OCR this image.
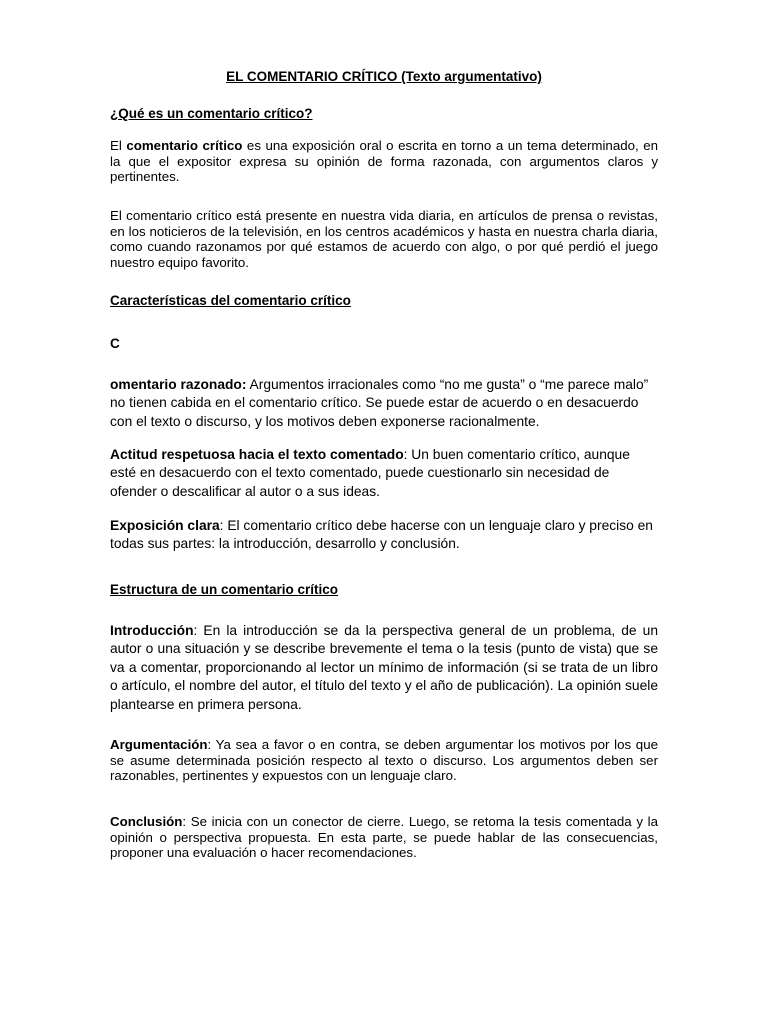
EL COMENTARIO CRÍTICO (Texto argumentativo)
¿Qué es un comentario crítico?

El comentario crítico es una exposición oral o escrita en torno a un tema determinado, en la que el expositor expresa su opinión de forma razonada, con argumentos claros y pertinentes.

El comentario crítico está presente en nuestra vida diaria, en artículos de prensa o revistas, en los noticieros de la televisión, en los centros académicos y hasta en nuestra charla diaria, como cuando razonamos por qué estamos de acuerdo con algo, o por qué perdió el juego nuestro equipo favorito.

Características del comentario crítico
C

omentario razonado: Argumentos irracionales como “no me gusta” o “me parece malo” no tienen cabida en el comentario crítico. Se puede estar de acuerdo o en desacuerdo con el texto o discurso, y los motivos deben exponerse racionalmente.

Actitud respetuosa hacia el texto comentado: Un buen comentario crítico, aunque esté en desacuerdo con el texto comentado, puede cuestionarlo sin necesidad de ofender o descalificar al autor o a sus ideas.

Exposición clara: El comentario crítico debe hacerse con un lenguaje claro y preciso en todas sus partes: la introducción, desarrollo y conclusión.

Estructura de un comentario crítico

Introducción: En la introducción se da la perspectiva general de un problema, de un autor o una situación y se describe brevemente el tema o la tesis (punto de vista) que se va a comentar, proporcionando al lector un mínimo de información (si se trata de un libro o artículo, el nombre del autor, el título del texto y el año de publicación). La opinión suele plantearse en primera persona.

Argumentación: Ya sea a favor o en contra, se deben argumentar los motivos por los que se asume determinada posición respecto al texto o discurso. Los argumentos deben ser razonables, pertinentes y expuestos con un lenguaje claro.

Conclusión: Se inicia con un conector de cierre. Luego, se retoma la tesis comentada y la opinión o perspectiva propuesta. En esta parte, se puede hablar de las consecuencias, proponer una evaluación o hacer recomendaciones.
